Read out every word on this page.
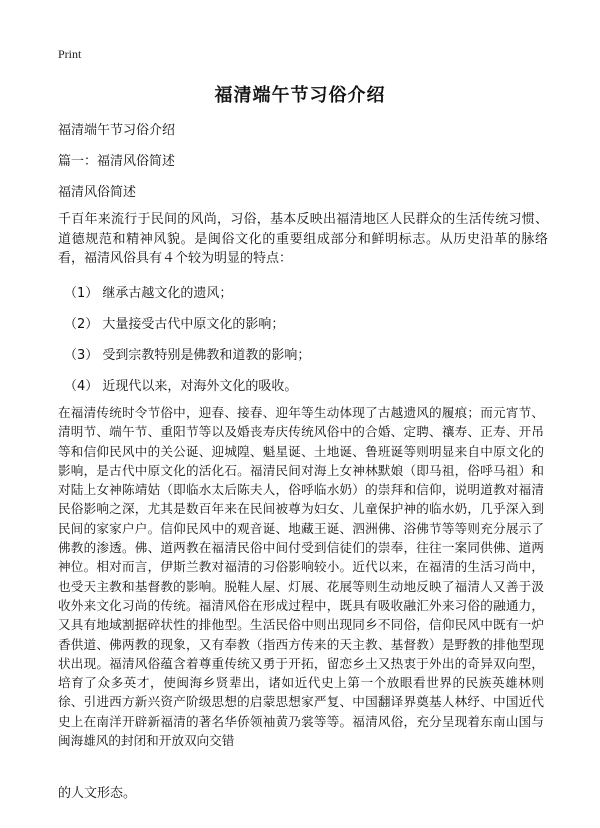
Print
福清端午节习俗介绍

福清端午节习俗介绍

篇一：福清风俗简述

福清风俗简述

千百年来流行于民间的风尚，习俗，基本反映出福清地区人民群众的生活传统习惯、道德规范和精神风貌。是闽俗文化的重要组成部分和鲜明标志。从历史沿革的脉络看，福清风俗具有４个较为明显的特点：

（1） 继承古越文化的遗风；

（2） 大量接受古代中原文化的影响；

（3） 受到宗教特别是佛教和道教的影响；

（4） 近现代以来，对海外文化的吸收。

在福清传统时令节俗中，迎春、接春、迎年等生动体现了古越遗风的履痕；而元宵节、清明节、端午节、重阳节等以及婚丧寿庆传统风俗中的合婚、定聘、禳寿、正寿、开吊等和信仰民风中的关公诞、迎城隍、魁星诞、土地诞、鲁班诞等则明显来自中原文化的影响，是古代中原文化的活化石。福清民间对海上女神林默娘（即马祖，俗呼马祖）和对陆上女神陈靖姑（即临水太后陈夫人，俗呼临水奶）的崇拜和信仰，说明道教对福清民俗影响之深，尤其是数百年来在民间被尊为妇女、儿童保护神的临水奶，几乎深入到民间的家家户户。信仰民风中的观音诞、地藏王诞、泗洲佛、浴佛节等等则充分展示了佛教的渗透。佛、道两教在福清民俗中间付受到信徒们的崇奉，往往一案同供佛、道两神位。相对而言，伊斯兰教对福清的习俗影响较小。近代以来，在福清的生活习尚中，也受天主教和基督教的影响。脱鞋人屋、灯展、花展等则生动地反映了福清人又善于汲收外来文化习尚的传统。福清风俗在形成过程中，既具有吸收融汇外来习俗的融通力，又具有地域割据碎状性的排他型。生活民俗中则出现同乡不同俗，信仰民风中既有一炉香供道、佛两教的现象，又有奉教（指西方传来的天主教、基督教）是野教的排他型现状出现。福清风俗蕴含着尊重传统又勇于开拓，留恋乡土又热衷于外出的奇异双向型，培育了众多英才，使闽海乡贤辈出，诸如近代史上第一个放眼看世界的民族英雄林则徐、引进西方新兴资产阶级思想的启蒙思想家严复、中国翻译界奠基人林纾、中国近代史上在南洋开辟新福清的著名华侨领袖黄乃裳等等。福清风俗，充分呈现着东南山国与闽海雄风的封闭和开放双向交错

的人文形态。
